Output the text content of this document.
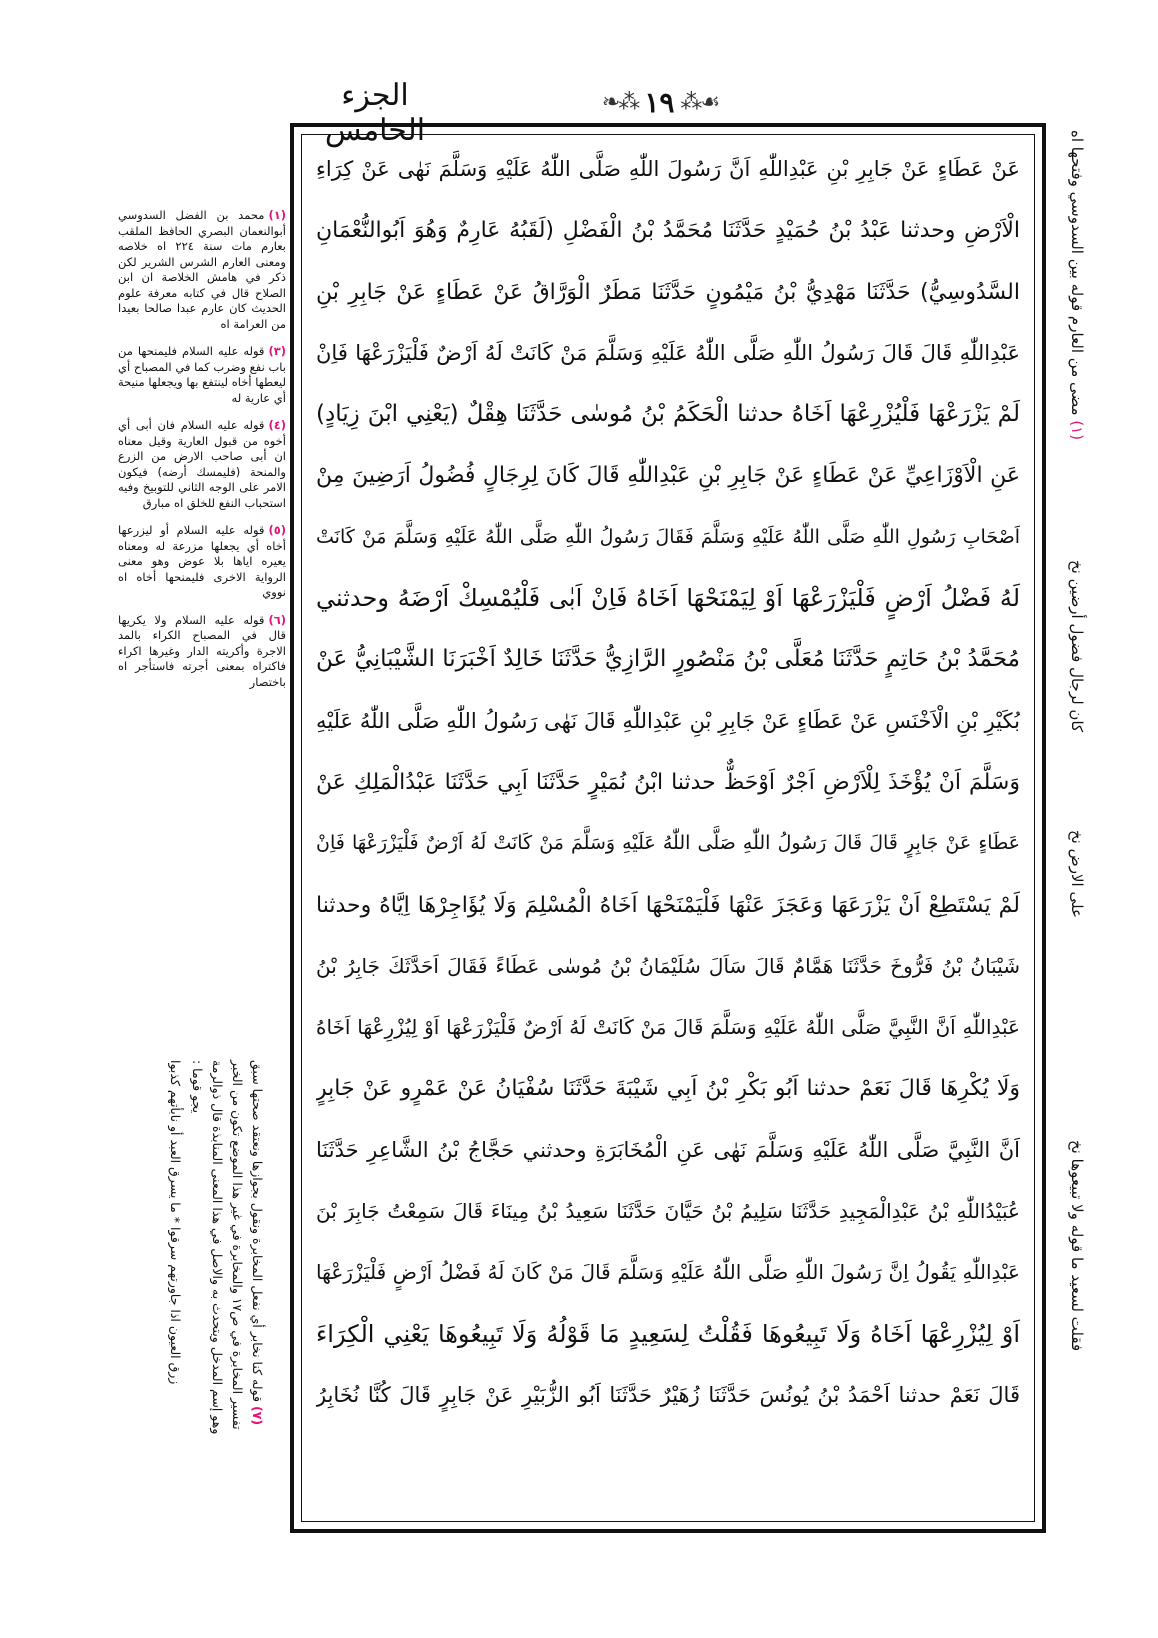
الجزء الخامس
❧⁂ ١٩ ⁂☙
عَنْ عَطَاءٍ عَنْ جَابِرِ بْنِ عَبْدِاللّٰهِ اَنَّ رَسُولَ اللّٰهِ صَلَّى اللّٰهُ عَلَيْهِ وَسَلَّمَ نَهٰى عَنْ كِرَاءِ
الْاَرْضِ وحدثنا عَبْدُ بْنُ حُمَيْدٍ حَدَّثَنَا مُحَمَّدُ بْنُ الْفَضْلِ (لَقَبُهُ عَارِمٌ وَهُوَ اَبُوالنُّعْمَانِ
السَّدُوسِيُّ) حَدَّثَنَا مَهْدِيُّ بْنُ مَيْمُونٍ حَدَّثَنَا مَطَرٌ الْوَرَّاقُ عَنْ عَطَاءٍ عَنْ جَابِرِ بْنِ
عَبْدِاللّٰهِ قَالَ قَالَ رَسُولُ اللّٰهِ صَلَّى اللّٰهُ عَلَيْهِ وَسَلَّمَ مَنْ كَانَتْ لَهُ اَرْضٌ فَلْيَزْرَعْهَا فَاِنْ
لَمْ يَزْرَعْهَا فَلْيُزْرِعْهَا اَخَاهُ حدثنا الْحَكَمُ بْنُ مُوسٰى حَدَّثَنَا هِقْلٌ (يَعْنِي ابْنَ زِيَادٍ)
عَنِ الْاَوْزَاعِيِّ عَنْ عَطَاءٍ عَنْ جَابِرِ بْنِ عَبْدِاللّٰهِ قَالَ كَانَ لِرِجَالٍ فُضُولُ اَرَضِينَ مِنْ
اَصْحَابِ رَسُولِ اللّٰهِ صَلَّى اللّٰهُ عَلَيْهِ وَسَلَّمَ فَقَالَ رَسُولُ اللّٰهِ صَلَّى اللّٰهُ عَلَيْهِ وَسَلَّمَ مَنْ كَانَتْ
لَهُ فَضْلُ اَرْضٍ فَلْيَزْرَعْهَا اَوْ لِيَمْنَحْهَا اَخَاهُ فَاِنْ اَبٰى فَلْيُمْسِكْ اَرْضَهُ وحدثني
مُحَمَّدُ بْنُ حَاتِمٍ حَدَّثَنَا مُعَلَّى بْنُ مَنْصُورٍ الرَّازِيُّ حَدَّثَنَا خَالِدٌ اَخْبَرَنَا الشَّيْبَانِيُّ عَنْ
بُكَيْرِ بْنِ الْاَخْنَسِ عَنْ عَطَاءٍ عَنْ جَابِرِ بْنِ عَبْدِاللّٰهِ قَالَ نَهٰى رَسُولُ اللّٰهِ صَلَّى اللّٰهُ عَلَيْهِ
وَسَلَّمَ اَنْ يُؤْخَذَ لِلْاَرْضِ اَجْرٌ اَوْحَظٌّ حدثنا ابْنُ نُمَيْرٍ حَدَّثَنَا اَبِي حَدَّثَنَا عَبْدُالْمَلِكِ عَنْ
عَطَاءٍ عَنْ جَابِرٍ قَالَ قَالَ رَسُولُ اللّٰهِ صَلَّى اللّٰهُ عَلَيْهِ وَسَلَّمَ مَنْ كَانَتْ لَهُ اَرْضٌ فَلْيَزْرَعْهَا فَاِنْ
لَمْ يَسْتَطِعْ اَنْ يَزْرَعَهَا وَعَجَزَ عَنْهَا فَلْيَمْنَحْهَا اَخَاهُ الْمُسْلِمَ وَلَا يُؤَاجِرْهَا اِيَّاهُ وحدثنا
شَيْبَانُ بْنُ فَرُّوخَ حَدَّثَنَا هَمَّامٌ قَالَ سَاَلَ سُلَيْمَانُ بْنُ مُوسٰى عَطَاءً فَقَالَ اَحَدَّثَكَ جَابِرُ بْنُ
عَبْدِاللّٰهِ اَنَّ النَّبِيَّ صَلَّى اللّٰهُ عَلَيْهِ وَسَلَّمَ قَالَ مَنْ كَانَتْ لَهُ اَرْضٌ فَلْيَزْرَعْهَا اَوْ لِيُزْرِعْهَا اَخَاهُ
وَلَا يُكْرِهَا قَالَ نَعَمْ حدثنا اَبُو بَكْرِ بْنُ اَبِي شَيْبَةَ حَدَّثَنَا سُفْيَانُ عَنْ عَمْرٍو عَنْ جَابِرٍ
اَنَّ النَّبِيَّ صَلَّى اللّٰهُ عَلَيْهِ وَسَلَّمَ نَهٰى عَنِ الْمُخَابَرَةِ وحدثني حَجَّاجُ بْنُ الشَّاعِرِ حَدَّثَنَا
عُبَيْدُاللّٰهِ بْنُ عَبْدِالْمَجِيدِ حَدَّثَنَا سَلِيمُ بْنُ حَيَّانَ حَدَّثَنَا سَعِيدُ بْنُ مِينَاءَ قَالَ سَمِعْتُ جَابِرَ بْنَ
عَبْدِاللّٰهِ يَقُولُ اِنَّ رَسُولَ اللّٰهِ صَلَّى اللّٰهُ عَلَيْهِ وَسَلَّمَ قَالَ مَنْ كَانَ لَهُ فَضْلُ اَرْضٍ فَلْيَزْرَعْهَا
اَوْ لِيُزْرِعْهَا اَخَاهُ وَلَا تَبِيعُوهَا فَقُلْتُ لِسَعِيدٍ مَا قَوْلُهُ وَلَا تَبِيعُوهَا يَعْنِي الْكِرَاءَ
قَالَ نَعَمْ حدثنا اَحْمَدُ بْنُ يُونُسَ حَدَّثَنَا زُهَيْرٌ حَدَّثَنَا اَبُو الزُّبَيْرِ عَنْ جَابِرٍ قَالَ كُنَّا نُخَابِرُ
(١) مضى من العارم قوله بين السدوسي وفتحها اه
كان لرجال فضول أرضين نخ
على الارض نخ
فقلت لسعيد ما قوله ولا تبيعوها نخ
(١)محمد بن الفضل السدوسي أبوالنعمان البصري الحافظ الملقب بعارم مات سنة ٢٢٤ اه خلاصه ومعنى العارم الشرس الشرير لكن ذكر في هامش الخلاصة ان ابن الصلاح قال في كتابه معرفة علوم الحديث كان عارم عبدا صالحا بعيدا من العرامة اه
(٣)قوله عليه السلام فليمنحها من باب نفع وضرب كما في المصباح أي ليعطها أخاه لينتفع بها ويجعلها منيحة أي عارية له
(٤)قوله عليه السلام فان أبى أي أخوه من قبول العارية وقيل معناه ان أبى صاحب الارض من الزرع والمنحة (فليمسك أرضه) فيكون الامر على الوجه الثاني للتوبيخ وفيه استحباب النفع للخلق اه مبارق
(٥)قوله عليه السلام أو ليزرعها أخاه أي يجعلها مزرعة له ومعناه يعيره اياها بلا عوض وهو معنى الرواية الاخرى فليمنحها أخاه اه نووي
(٦)قوله عليه السلام ولا يكريها قال في المصباح الكراء بالمد الاجرة وأكريته الدار وغيرها اكراء فاكتراه بمعنى أجرته فاستأجر اه باختصار
(٧) قوله كنا نخابر أي نفعل المخابرة ونقول بجوازها ونعتقد صحتها سبق
تفسير المخابرة في ص١٧ والمخابرة في غير هذا الموضع تكون من الخبر
وهو إسم المدخل ويتحدث به والاصل في هذا المعنى المنابذة قال ذوالرمة
يجو قوما :
زرق العيون اذا جاورتهم سرقوا * ما يسرق العبد أو نابأتهم كذبوا
